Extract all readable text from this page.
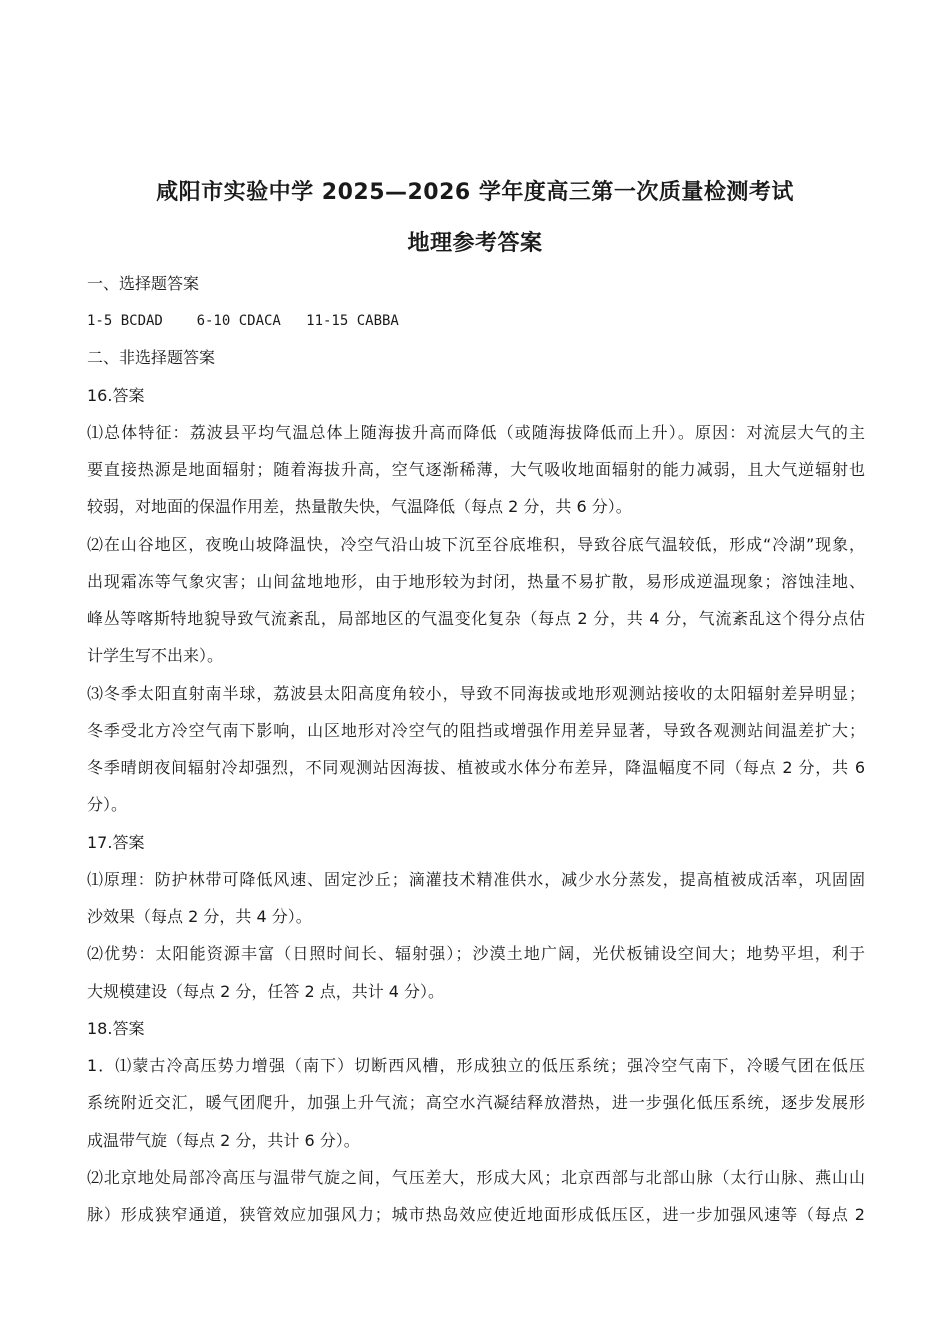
咸阳市实验中学 2025—2026 学年度高三第一次质量检测考试
地理参考答案
一、选择题答案
1-5 BCDAD    6-10 CDACA   11-15 CABBA
二、非选择题答案
16.答案
⑴总体特征：荔波县平均气温总体上随海拔升高而降低（或随海拔降低而上升）。原因：对流层大气的主
要直接热源是地面辐射；随着海拔升高，空气逐渐稀薄，大气吸收地面辐射的能力减弱，且大气逆辐射也
较弱，对地面的保温作用差，热量散失快，气温降低（每点 2 分，共 6 分）。
⑵在山谷地区，夜晚山坡降温快，冷空气沿山坡下沉至谷底堆积，导致谷底气温较低，形成“冷湖”现象，
出现霜冻等气象灾害；山间盆地地形，由于地形较为封闭，热量不易扩散，易形成逆温现象；溶蚀洼地、
峰丛等喀斯特地貌导致气流紊乱，局部地区的气温变化复杂（每点 2 分，共 4 分，气流紊乱这个得分点估
计学生写不出来）。
⑶冬季太阳直射南半球，荔波县太阳高度角较小，导致不同海拔或地形观测站接收的太阳辐射差异明显；
冬季受北方冷空气南下影响，山区地形对冷空气的阻挡或增强作用差异显著，导致各观测站间温差扩大；
冬季晴朗夜间辐射冷却强烈，不同观测站因海拔、植被或水体分布差异，降温幅度不同（每点 2 分，共 6
分）。
17.答案
⑴原理：防护林带可降低风速、固定沙丘；滴灌技术精准供水，减少水分蒸发，提高植被成活率，巩固固
沙效果（每点 2 分，共 4 分）。
⑵优势：太阳能资源丰富（日照时间长、辐射强）；沙漠土地广阔，光伏板铺设空间大；地势平坦，利于
大规模建设（每点 2 分，任答 2 点，共计 4 分）。
18.答案
1．⑴蒙古冷高压势力增强（南下）切断西风槽，形成独立的低压系统；强冷空气南下，冷暖气团在低压
系统附近交汇，暖气团爬升，加强上升气流；高空水汽凝结释放潜热，进一步强化低压系统，逐步发展形
成温带气旋（每点 2 分，共计 6 分）。
⑵北京地处局部冷高压与温带气旋之间，气压差大，形成大风；北京西部与北部山脉（太行山脉、燕山山
脉）形成狭窄通道，狭管效应加强风力；城市热岛效应使近地面形成低压区，进一步加强风速等（每点 2
